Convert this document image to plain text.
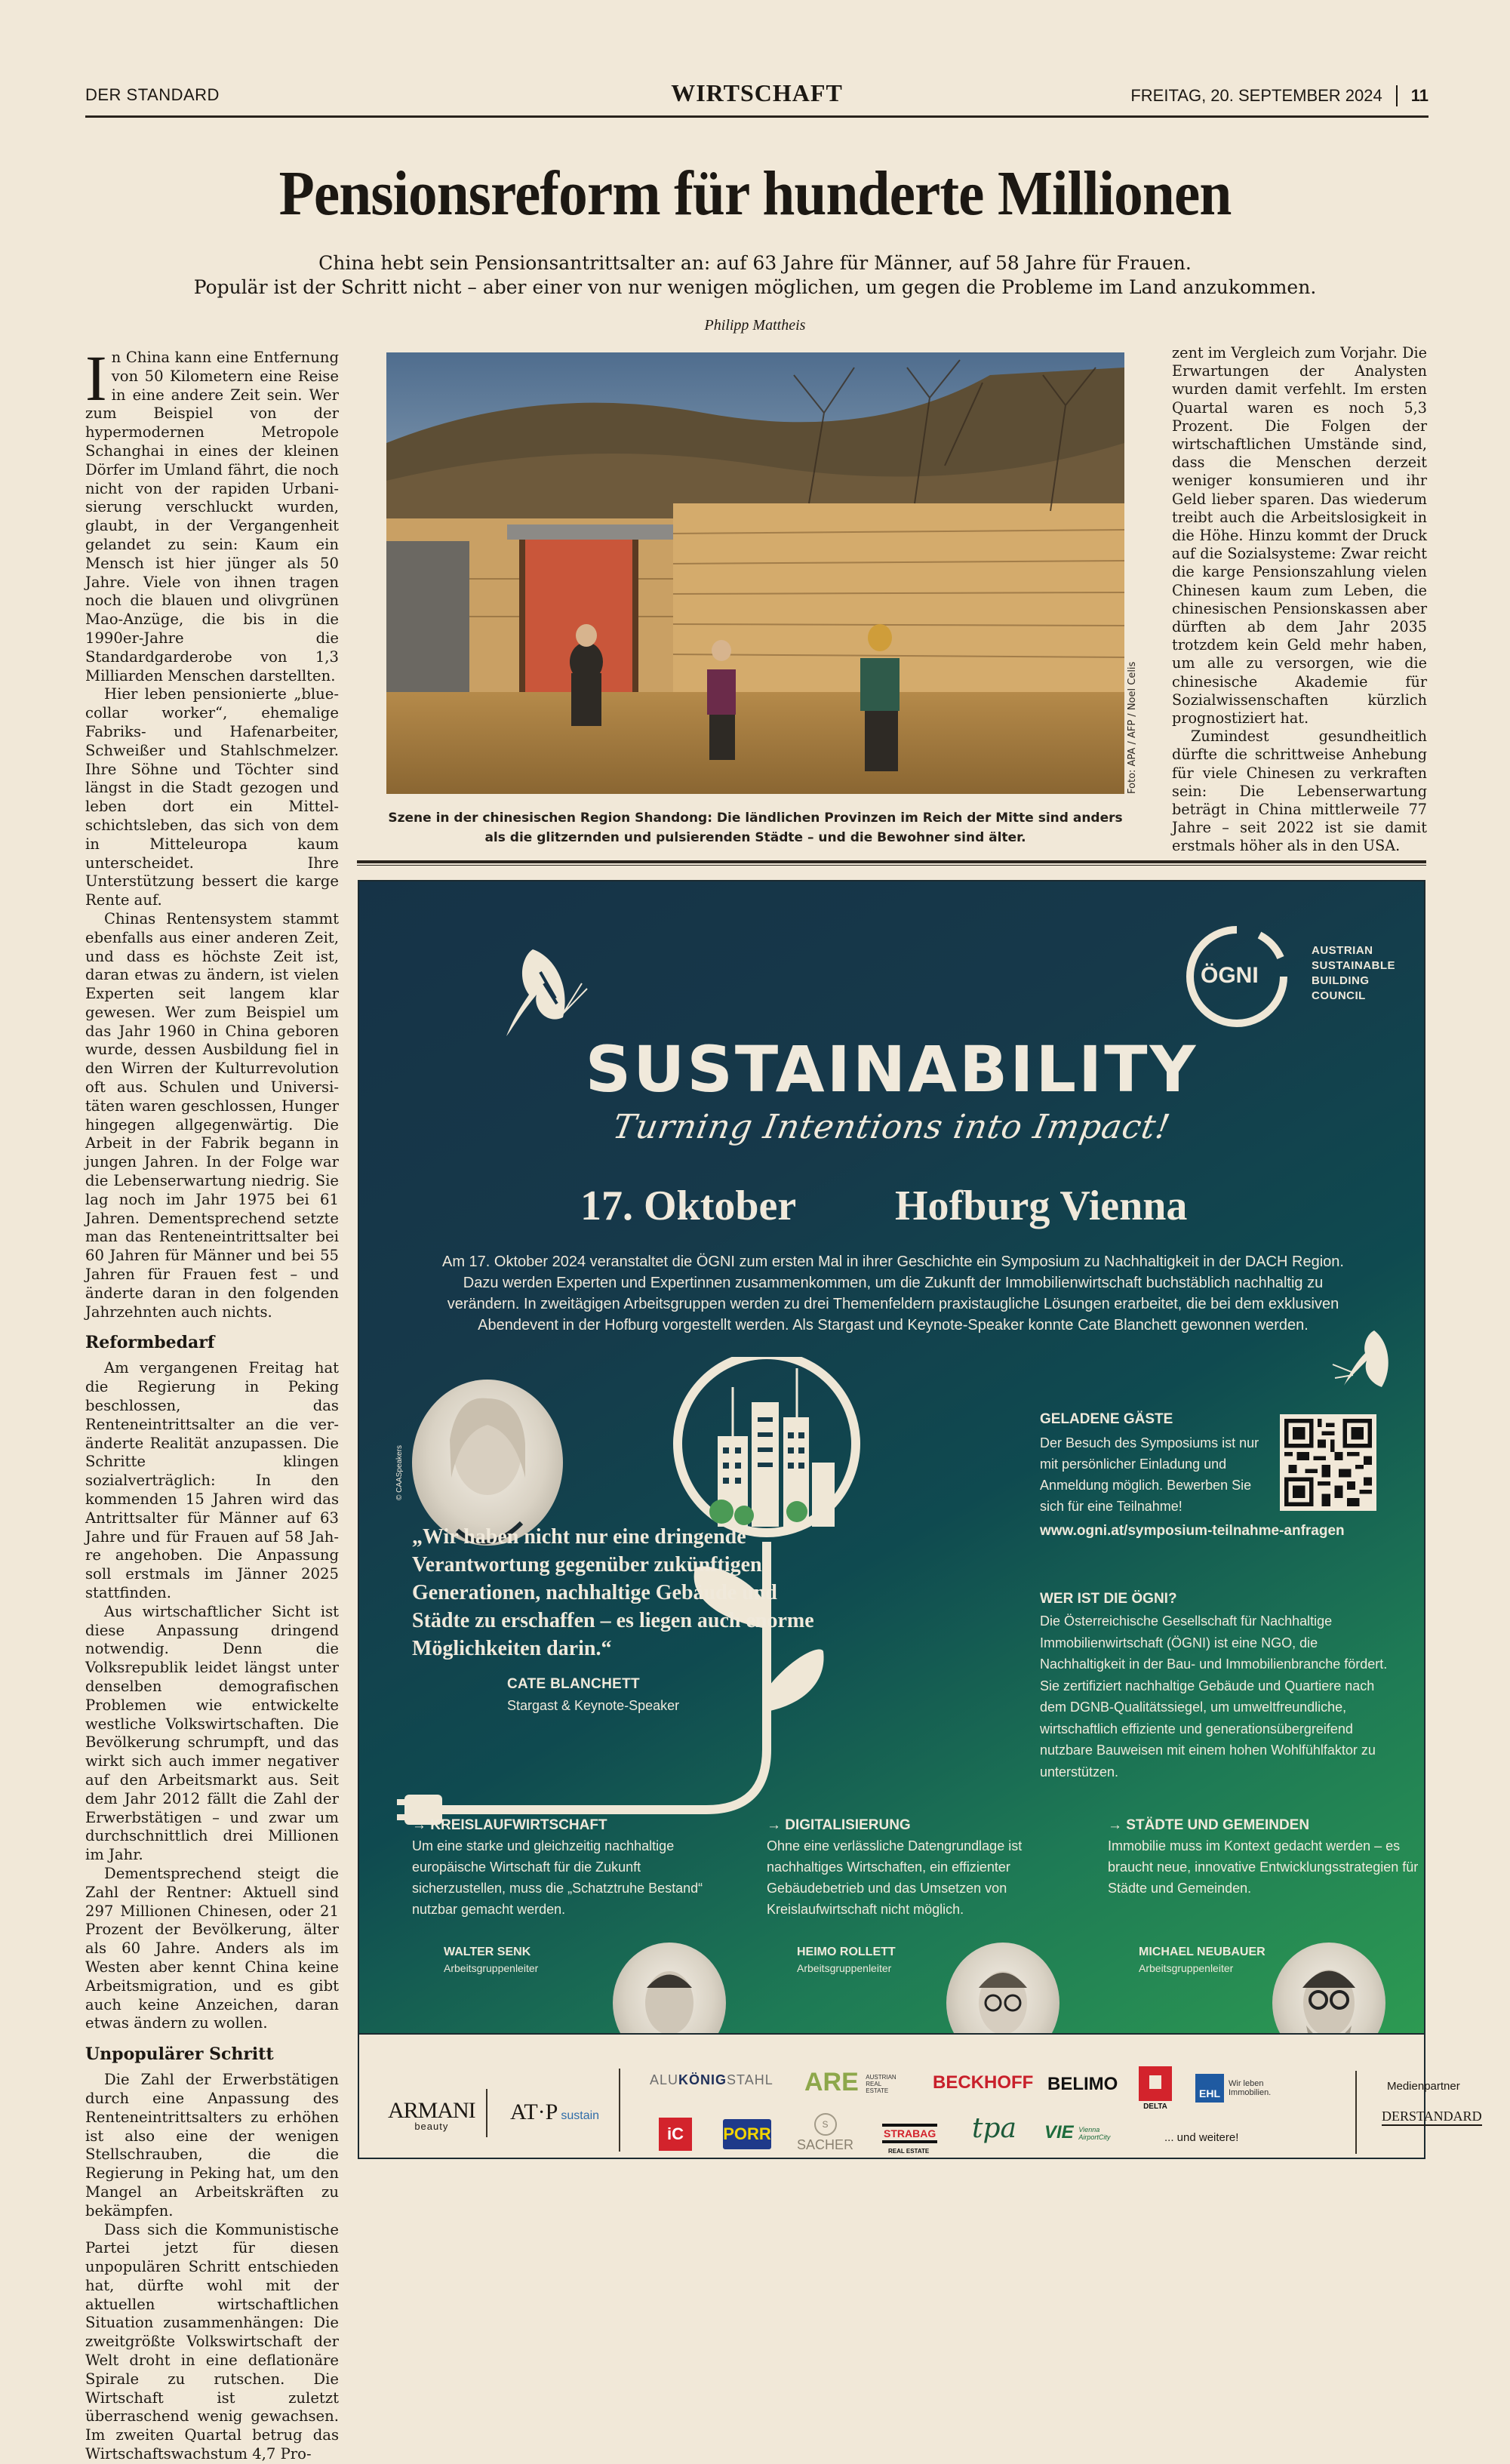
DER STANDARD	WIRTSCHAFT	FREITAG, 20. SEPTEMBER 2024 11
Pensionsreform für hunderte Millionen
China hebt sein Pensionsantrittsalter an: auf 63 Jahre für Männer, auf 58 Jahre für Frauen.
Populär ist der Schritt nicht – aber einer von nur wenigen möglichen, um gegen die Probleme im Land anzukommen.
Philipp Mattheis

In China kann eine Entfernung von 50 Kilometern eine Reise in eine andere Zeit sein. Wer zum Beispiel von der hypermodernen Metropole Schanghai in eines der kleinen Dörfer im Umland fährt, die noch nicht von der rapiden Urbanisierung verschluckt wurden, glaubt, in der Vergangenheit gelandet zu sein: Kaum ein Mensch ist hier jünger als 50 Jahre. Viele von ihnen tragen noch die blauen und olivgrünen Mao-Anzüge, die bis in die 1990er-Jahre die Standardgarderobe von 1,3 Milliarden Menschen darstellten.

Hier leben pensionierte „blue-collar worker“, ehemalige Fabriks- und Hafenarbeiter, Schweißer und Stahlschmelzer. Ihre Söhne und Töchter sind längst in die Stadt gezogen und leben dort ein Mittelschichtsleben, das sich von dem in Mitteleuropa kaum unterscheidet. Ihre Unterstützung bessert die karge Rente auf.

Chinas Rentensystem stammt ebenfalls aus einer anderen Zeit, und dass es höchste Zeit ist, daran etwas zu ändern, ist vielen Experten seit langem klar gewesen. Wer zum Beispiel um das Jahr 1960 in China geboren wurde, dessen Ausbildung fiel in den Wirren der Kulturrevolution oft aus. Schulen und Universitäten waren geschlossen, Hunger hingegen allgegenwärtig. Die Arbeit in der Fabrik begann in jungen Jahren. In der Folge war die Lebenserwartung niedrig. Sie lag noch im Jahr 1975 bei 61 Jahren. Dementsprechend setzte man das Renteneintrittsalter bei 60 Jahren für Männer und bei 55 Jahren für Frauen fest – und änderte daran in den folgenden Jahrzehnten auch nichts.

Reformbedarf

Am vergangenen Freitag hat die Regierung in Peking beschlossen, das Renteneintrittsalter an die veränderte Realität anzupassen. Die Schritte klingen sozialverträglich: In den kommenden 15 Jahren wird das Antrittsalter für Männer auf 63 Jahre und für Frauen auf 58 Jahre angehoben. Die Anpassung soll erstmals im Jänner 2025 stattfinden.

Aus wirtschaftlicher Sicht ist diese Anpassung dringend notwendig. Denn die Volksrepublik leidet längst unter denselben demografischen Problemen wie entwickelte westliche Volkswirtschaften. Die Bevölkerung schrumpft, und das wirkt sich auch immer negativer auf den Arbeitsmarkt aus. Seit dem Jahr 2012 fällt die Zahl der Erwerbstätigen – und zwar um durchschnittlich drei Millionen im Jahr.

Dementsprechend steigt die Zahl der Rentner: Aktuell sind 297 Millionen Chinesen, oder 21 Prozent der Bevölkerung, älter als 60 Jahre. Anders als im Westen aber kennt China keine Arbeitsmigration, und es gibt auch keine Anzeichen, daran etwas ändern zu wollen.

Unpopulärer Schritt

Die Zahl der Erwerbstätigen durch eine Anpassung des Renteneintrittsalters zu erhöhen ist also eine der wenigen Stellschrauben, die die Regierung in Peking hat, um den Mangel an Arbeitskräften zu bekämpfen.

Dass sich die Kommunistische Partei jetzt für diesen unpopulären Schritt entschieden hat, dürfte wohl mit der aktuellen wirtschaftlichen Situation zusammenhängen: Die zweitgrößte Volkswirtschaft der Welt droht in eine deflationäre Spirale zu rutschen. Die Wirtschaft ist zuletzt überraschend wenig gewachsen. Im zweiten Quartal betrug das Wirtschaftswachstum 4,7 Pro-

Foto: APA / AFP / Noel Celis
Szene in der chinesischen Region Shandong: Die ländlichen Provinzen im Reich der Mitte sind anders
als die glitzernden und pulsierenden Städte – und die Bewohner sind älter.

zent im Vergleich zum Vorjahr. Die Erwartungen der Analysten wurden damit verfehlt. Im ersten Quartal waren es noch 5,3 Prozent. Die Folgen der wirtschaftlichen Umstände sind, dass die Menschen derzeit weniger konsumieren und ihr Geld lieber sparen. Das wiederum treibt auch die Arbeitslosigkeit in die Höhe. Hinzu kommt der Druck auf die Sozialsysteme: Zwar reicht die karge Pensionszahlung vielen Chinesen kaum zum Leben, die chinesischen Pensionskassen aber dürften ab dem Jahr 2035 trotzdem kein Geld mehr haben, um alle zu versorgen, wie die chinesische Akademie für Sozialwissenschaften kürzlich prognostiziert hat.

Zumindest gesundheitlich dürfte die schrittweise Anhebung für viele Chinesen zu verkraften sein: Die Lebenserwartung beträgt in China mittlerweile 77 Jahre – seit 2022 ist sie damit erstmals höher als in den USA.

ÖGNI
AUSTRIAN
SUSTAINABLE
BUILDING
COUNCIL
SUSTAINABILITY
Turning Intentions into Impact!
17. Oktober Hofburg Vienna
Am 17. Oktober 2024 veranstaltet die ÖGNI zum ersten Mal in ihrer Geschichte ein Symposium zu Nachhaltigkeit in der DACH Region. Dazu werden Experten und Expertinnen zusammenkommen, um die Zukunft der Immobilienwirtschaft buchstäblich nachhaltig zu verändern. In zweitägigen Arbeitsgruppen werden zu drei Themenfeldern praxistaugliche Lösungen erarbeitet, die bei dem exklusiven Abendevent in der Hofburg vorgestellt werden. Als Stargast und Keynote-Speaker konnte Cate Blanchett gewonnen werden.
© CAASpeakers
„Wir haben nicht nur eine dringende Verantwortung gegenüber zukünftigen Generationen, nachhaltige Gebäude und Städte zu erschaffen – es liegen auch enorme Möglichkeiten darin.“
CATE BLANCHETT
Stargast & Keynote-Speaker
GELADENE GÄSTE
Der Besuch des Symposiums ist nur mit persönlicher Einladung und Anmeldung möglich. Bewerben Sie sich für eine Teilnahme!
www.ogni.at/symposium-teilnahme-anfragen
WER IST DIE ÖGNI?
Die Österreichische Gesellschaft für Nachhaltige Immobilienwirtschaft (ÖGNI) ist eine NGO, die Nachhaltigkeit in der Bau- und Immobilienbranche fördert. Sie zertifiziert nachhaltige Gebäude und Quartiere nach dem DGNB-Qualitätssiegel, um umweltfreundliche, wirtschaftlich effiziente und generationsübergreifend nutzbare Bauweisen mit einem hohen Wohlfühlfaktor zu unterstützen.
→ KREISLAUFWIRTSCHAFT
Um eine starke und gleichzeitig nachhaltige europäische Wirtschaft für die Zukunft sicherzustellen, muss die „Schatztruhe Bestand“ nutzbar gemacht werden.
→ DIGITALISIERUNG
Ohne eine verlässliche Datengrundlage ist nachhaltiges Wirtschaften, ein effizienter Gebäudebetrieb und das Umsetzen von Kreislaufwirtschaft nicht möglich.
→ STÄDTE UND GEMEINDEN
Immobilie muss im Kontext gedacht werden – es braucht neue, innovative Entwicklungsstrategien für Städte und Gemeinden.
WALTER SENK
Arbeitsgruppenleiter
HEIMO ROLLETT
Arbeitsgruppenleiter
MICHAEL NEUBAUER
Arbeitsgruppenleiter
ARMANI
beauty
AT·P sustain
ALUKÖNIGSTAHL ARE AUSTRIAN REAL ESTATE	BECKHOFF BELIMO
DELTA
EHL
Wir leben Immobilien.
iC	PORR	S
SACHER
STRABAG
REAL ESTATE
tpa VIE Vienna AirportCity	... und weitere!
Medienpartner
DERSTANDARD
